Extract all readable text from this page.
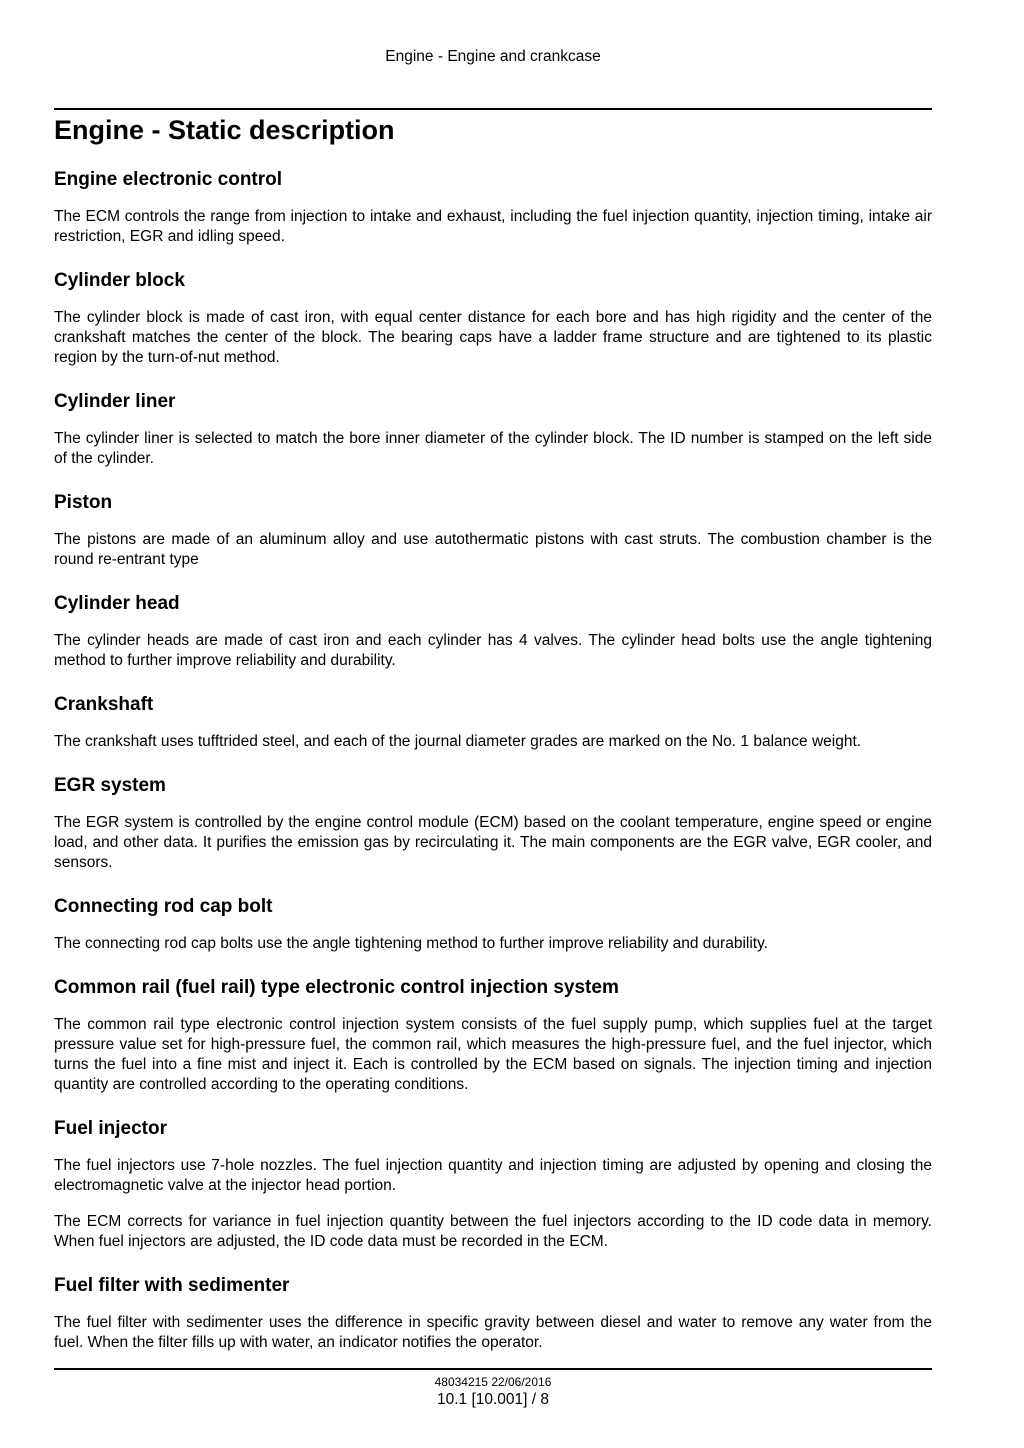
Engine - Engine and crankcase
Engine - Static description
Engine electronic control

The ECM controls the range from injection to intake and exhaust, including the fuel injection quantity, injection timing, intake air restriction, EGR and idling speed.

Cylinder block

The cylinder block is made of cast iron, with equal center distance for each bore and has high rigidity and the center of the crankshaft matches the center of the block. The bearing caps have a ladder frame structure and are tightened to its plastic region by the turn-of-nut method.

Cylinder liner

The cylinder liner is selected to match the bore inner diameter of the cylinder block. The ID number is stamped on the left side of the cylinder.

Piston

The pistons are made of an aluminum alloy and use autothermatic pistons with cast struts. The combustion chamber is the round re-entrant type

Cylinder head

The cylinder heads are made of cast iron and each cylinder has 4 valves. The cylinder head bolts use the angle tightening method to further improve reliability and durability.

Crankshaft

The crankshaft uses tufftrided steel, and each of the journal diameter grades are marked on the No. 1 balance weight.

EGR system

The EGR system is controlled by the engine control module (ECM) based on the coolant temperature, engine speed or engine load, and other data. It purifies the emission gas by recirculating it. The main components are the EGR valve, EGR cooler, and sensors.

Connecting rod cap bolt

The connecting rod cap bolts use the angle tightening method to further improve reliability and durability.

Common rail (fuel rail) type electronic control injection system

The common rail type electronic control injection system consists of the fuel supply pump, which supplies fuel at the target pressure value set for high-pressure fuel, the common rail, which measures the high-pressure fuel, and the fuel injector, which turns the fuel into a fine mist and inject it. Each is controlled by the ECM based on signals. The injection timing and injection quantity are controlled according to the operating conditions.

Fuel injector

The fuel injectors use 7-hole nozzles. The fuel injection quantity and injection timing are adjusted by opening and closing the electromagnetic valve at the injector head portion.

The ECM corrects for variance in fuel injection quantity between the fuel injectors according to the ID code data in memory. When fuel injectors are adjusted, the ID code data must be recorded in the ECM.

Fuel filter with sedimenter

The fuel filter with sedimenter uses the difference in specific gravity between diesel and water to remove any water from the fuel. When the filter fills up with water, an indicator notifies the operator.

48034215 22/06/2016
10.1 [10.001] / 8
